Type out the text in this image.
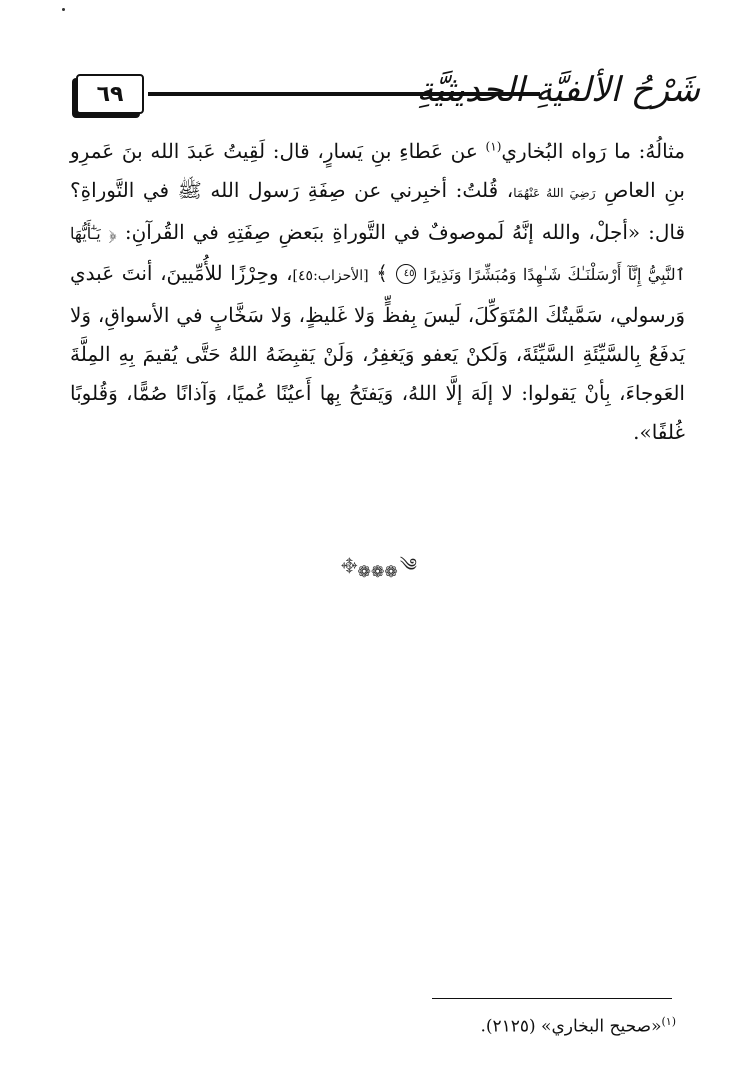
٦٩	شَرْحُ الألفيَّةِ الحديثيَّةِ
مثالُهُ: ما رَواه البُخاري$^{(١)}$ عن عَطاءِ بنِ يَسارٍ، قال: لَقِيتُ عَبدَ الله بنَ عَمرِو بنِ العاصِ رَضِيَ اللهُ عَنْهُمَا، قُلتُ: أخبِرني عن صِفَةِ رَسول الله ﷺ في التَّوراةِ؟ قال: «أجلْ، والله إنَّهُ لَموصوفٌ في التَّوراةِ ببَعضِ صِفَتِهِ في القُرآنِ: ﴿ يَـٰٓأَيُّهَا ٱلنَّبِيُّ إِنَّآ أَرْسَلْنَـٰكَ شَـٰهِدًا وَمُبَشِّرًا وَنَذِيرًا ٤٥ ﴾ [الأحزاب:٤٥]، وحِرْزًا للأُمِّيينَ، أنتَ عَبدي وَرسولي، سَمَّيتُكَ المُتَوَكِّلَ، لَيسَ بِفظٍّ وَلا غَليظٍ، وَلا سَخَّابٍ في الأسواقِ، وَلا يَدفَعُ بِالسَّيِّئَةِ السَّيِّئَةَ، وَلَكنْ يَعفو وَيَغفِرُ، وَلَنْ يَقبِضَهُ اللهُ حَتَّى يُقيمَ بِهِ المِلَّةَ العَوجاءَ، بِأنْ يَقولوا: لا إلَهَ إلَّا اللهُ، وَيَفتَحُ بِها أَعيُنًا عُميًا، وَآذانًا صُمًّا، وَقُلوبًا غُلفًا».
࿇ ❁❁❁ ༄
$^{(١)}$«صحيح البخاري» (٢١٢٥).
